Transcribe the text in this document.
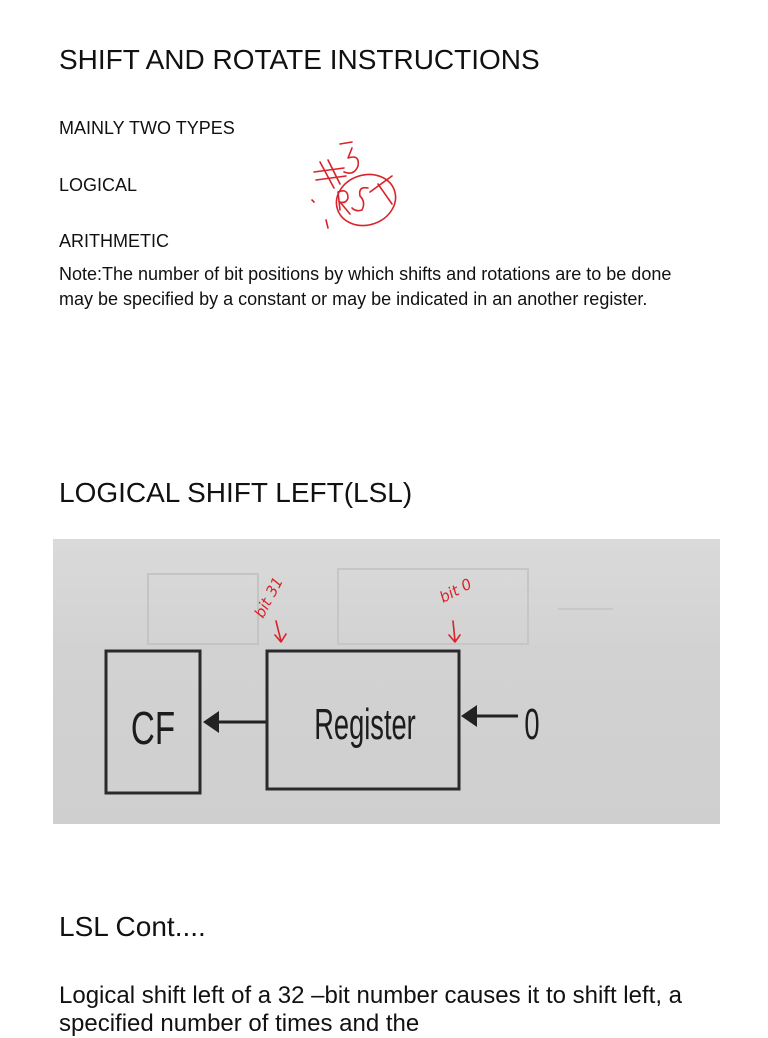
SHIFT AND ROTATE INSTRUCTIONS

MAINLY TWO TYPES

LOGICAL

ARITHMETIC

Note:The number of bit positions by which shifts and rotations are to be done may be specified by a constant or may be indicated in an another register.

LOGICAL SHIFT LEFT(LSL)
CF	Register 0
bit 31	bit 0
LSL Cont....

Logical shift left of a 32 –bit number causes it to shift left, a specified number of times and the
